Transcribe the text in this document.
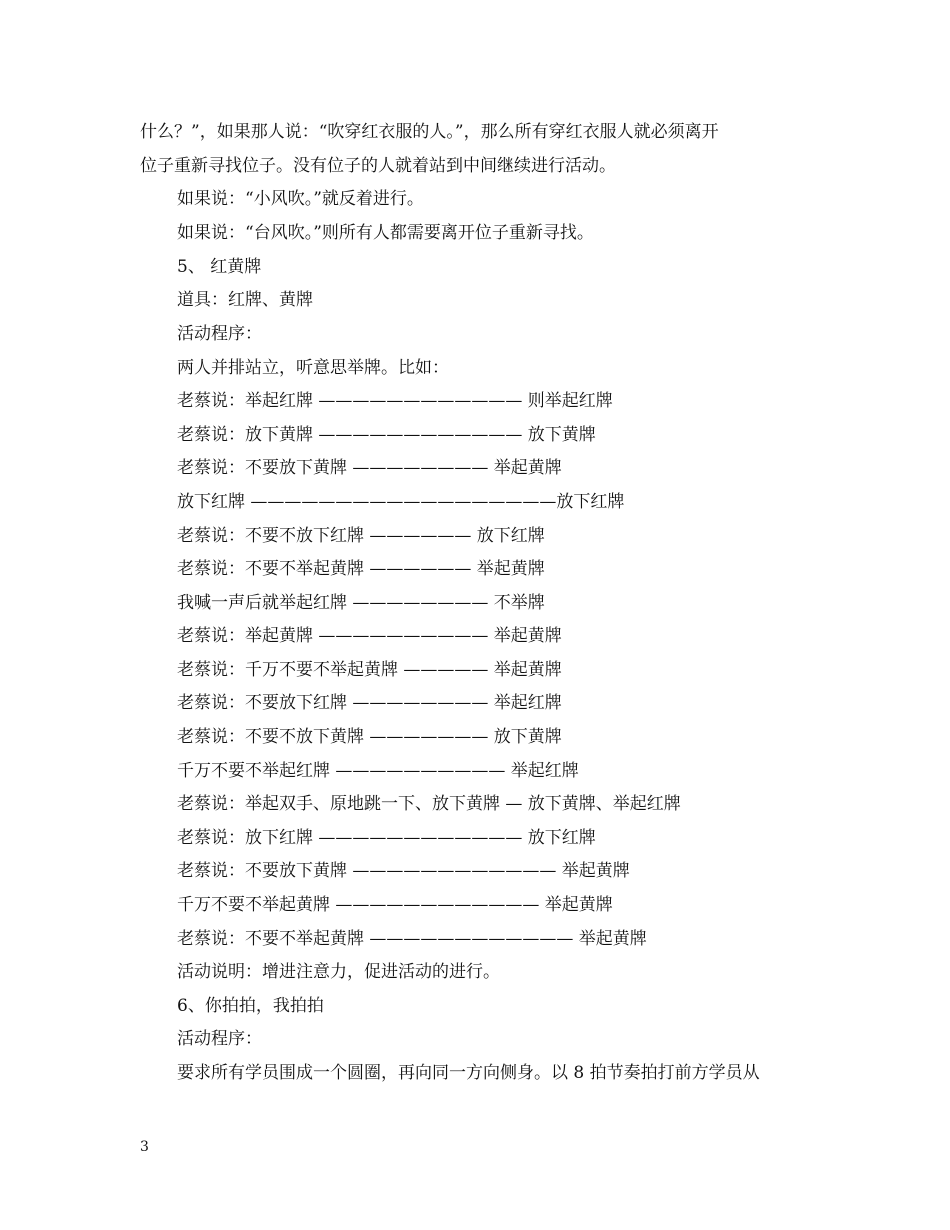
什么？”，如果那人说：“吹穿红衣服的人。”，那么所有穿红衣服人就必须离开
位子重新寻找位子。没有位子的人就着站到中间继续进行活动。
如果说：“小风吹。”就反着进行。
如果说：“台风吹。”则所有人都需要离开位子重新寻找。
5、 红黄牌
道具：红牌、黄牌
活动程序：
两人并排站立，听意思举牌。比如：
老蔡说：举起红牌 ———————————— 则举起红牌
老蔡说：放下黄牌 ———————————— 放下黄牌
老蔡说：不要放下黄牌 ———————— 举起黄牌
放下红牌 ——————————————————放下红牌
老蔡说：不要不放下红牌 —————— 放下红牌
老蔡说：不要不举起黄牌 —————— 举起黄牌
我喊一声后就举起红牌 ———————— 不举牌
老蔡说：举起黄牌 —————————— 举起黄牌
老蔡说：千万不要不举起黄牌 ————— 举起黄牌
老蔡说：不要放下红牌 ———————— 举起红牌
老蔡说：不要不放下黄牌 ——————— 放下黄牌
千万不要不举起红牌 —————————— 举起红牌
老蔡说：举起双手、原地跳一下、放下黄牌 — 放下黄牌、举起红牌
老蔡说：放下红牌 ———————————— 放下红牌
老蔡说：不要放下黄牌 ———————————— 举起黄牌
千万不要不举起黄牌 ———————————— 举起黄牌
老蔡说：不要不举起黄牌 ———————————— 举起黄牌
活动说明：增进注意力，促进活动的进行。
6、你拍拍，我拍拍
活动程序：
要求所有学员围成一个圆圈，再向同一方向侧身。以 8 拍节奏拍打前方学员从
3
